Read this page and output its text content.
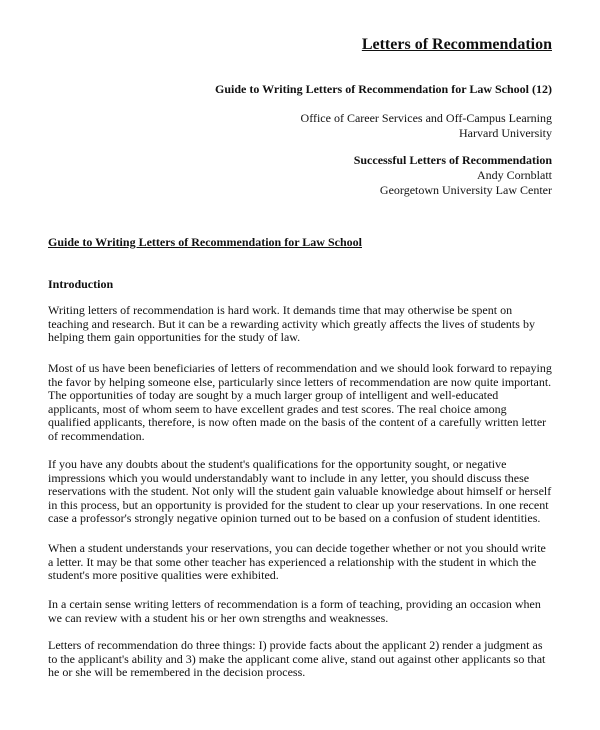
Letters of Recommendation
Guide to Writing Letters of Recommendation for Law School (12)
Office of Career Services and Off-Campus Learning
Harvard University
Successful Letters of Recommendation
Andy Cornblatt
Georgetown University Law Center
Guide to Writing Letters of Recommendation for Law School
Introduction
Writing letters of recommendation is hard work. It demands time that may otherwise be spent on
teaching and research. But it can be a rewarding activity which greatly affects the lives of students by
helping them gain opportunities for the study of law.
Most of us have been beneficiaries of letters of recommendation and we should look forward to repaying
the favor by helping someone else, particularly since letters of recommendation are now quite important.
The opportunities of today are sought by a much larger group of intelligent and well-educated
applicants, most of whom seem to have excellent grades and test scores. The real choice among
qualified applicants, therefore, is now often made on the basis of the content of a carefully written letter
of recommendation.
If you have any doubts about the student's qualifications for the opportunity sought, or negative
impressions which you would understandably want to include in any letter, you should discuss these
reservations with the student. Not only will the student gain valuable knowledge about himself or herself
in this process, but an opportunity is provided for the student to clear up your reservations. In one recent
case a professor's strongly negative opinion turned out to be based on a confusion of student identities.
When a student understands your reservations, you can decide together whether or not you should write
a letter. It may be that some other teacher has experienced a relationship with the student in which the
student's more positive qualities were exhibited.
In a certain sense writing letters of recommendation is a form of teaching, providing an occasion when
we can review with a student his or her own strengths and weaknesses.
Letters of recommendation do three things: I) provide facts about the applicant 2) render a judgment as
to the applicant's ability and 3) make the applicant come alive, stand out against other applicants so that
he or she will be remembered in the decision process.
